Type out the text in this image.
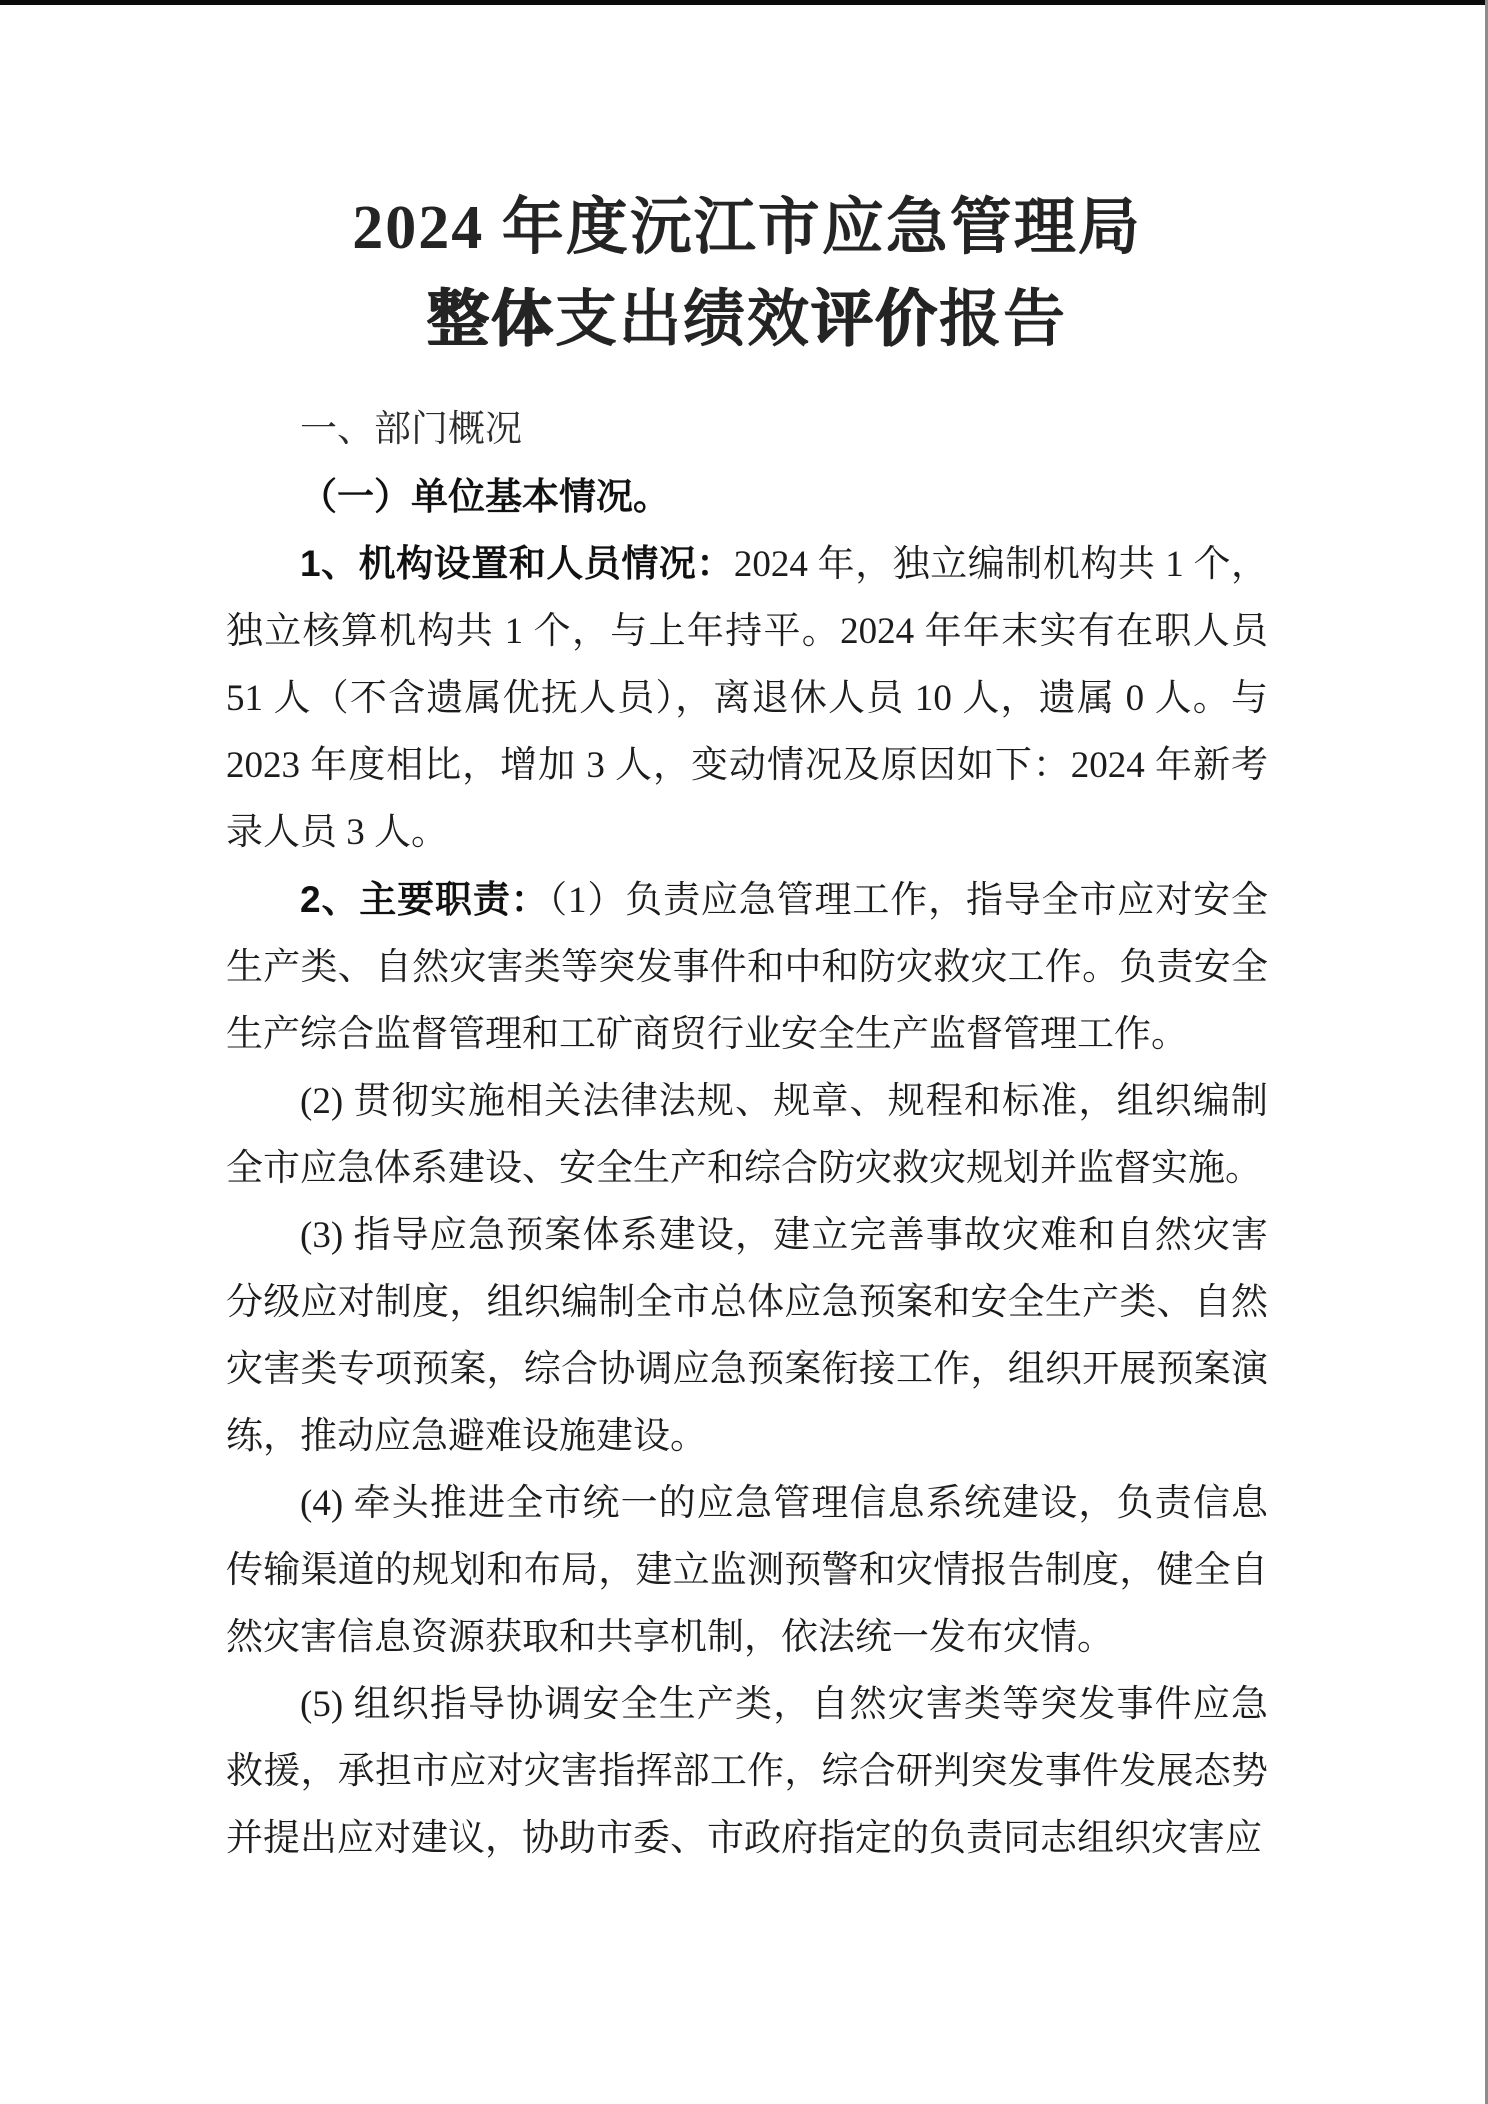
2024 年度沅江市应急管理局
整体支出绩效评价报告

一、部门概况

（一）单位基本情况。

1、机构设置和人员情况：2024 年，独立编制机构共 1 个，独立核算机构共 1 个，与上年持平。2024 年年末实有在职人员 51 人（不含遗属优抚人员），离退休人员 10 人，遗属 0 人。与 2023 年度相比，增加 3 人，变动情况及原因如下：2024 年新考录人员 3 人。

2、主要职责：（1）负责应急管理工作，指导全市应对安全生产类、自然灾害类等突发事件和中和防灾救灾工作。负责安全生产综合监督管理和工矿商贸行业安全生产监督管理工作。

(2) 贯彻实施相关法律法规、规章、规程和标准，组织编制全市应急体系建设、安全生产和综合防灾救灾规划并监督实施。

(3) 指导应急预案体系建设，建立完善事故灾难和自然灾害分级应对制度，组织编制全市总体应急预案和安全生产类、自然灾害类专项预案，综合协调应急预案衔接工作，组织开展预案演练，推动应急避难设施建设。

(4) 牵头推进全市统一的应急管理信息系统建设，负责信息传输渠道的规划和布局，建立监测预警和灾情报告制度，健全自然灾害信息资源获取和共享机制，依法统一发布灾情。

(5) 组织指导协调安全生产类，自然灾害类等突发事件应急救援，承担市应对灾害指挥部工作，综合研判突发事件发展态势并提出应对建议，协助市委、市政府指定的负责同志组织灾害应
